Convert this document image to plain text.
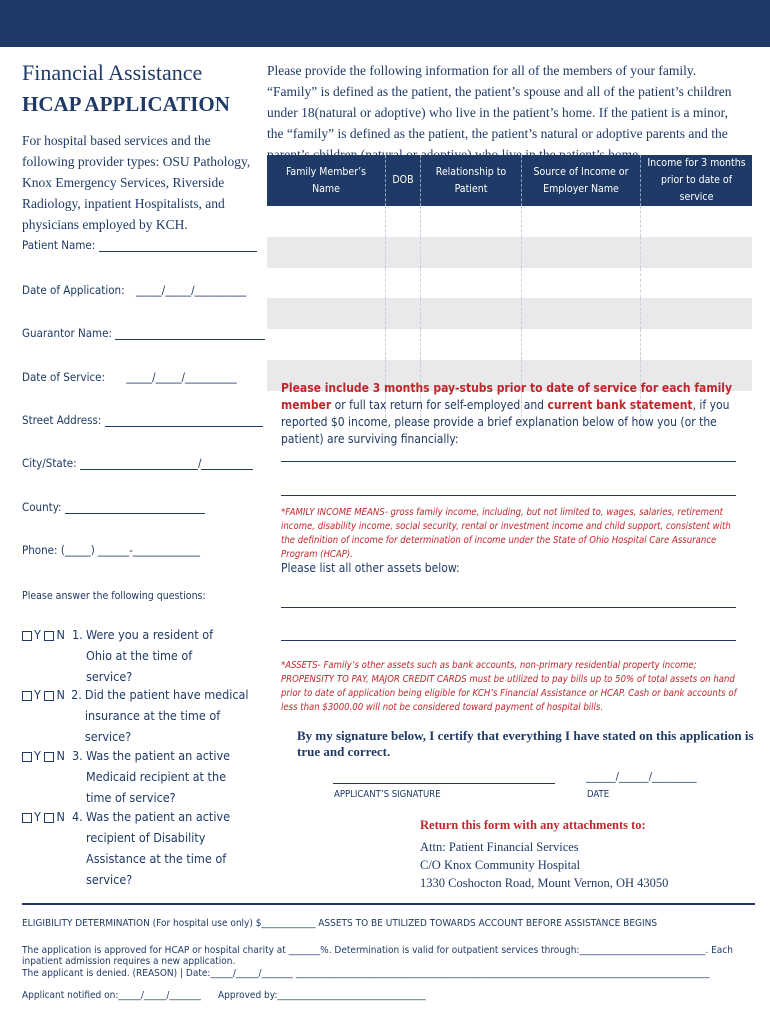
Financial Assistance
HCAP APPLICATION
For hospital based services and the following provider types: OSU Pathology, Knox Emergency Services, Riverside Radiology, inpatient Hospitalists, and physicians employed by KCH.
Patient Name:
Date of Application: _____/_____/__________
Guarantor Name:
Date of Service: _____/_____/__________
Street Address:
City/State:	/
County:
Phone: (_____) ______-_____________
Please answer the following questions:
Y N 1. Were you a resident of Ohio at the time of service?
Y N 2. Did the patient have medical insurance at the time of service?
Y N 3. Was the patient an active Medicaid recipient at the time of service?
Y N 4. Was the patient an active recipient of Disability Assistance at the time of service?
Please provide the following information for all of the members of your family. “Family” is defined as the patient, the patient’s spouse and all of the patient’s children under 18(natural or adoptive) who live in the patient’s home. If the patient is a minor, the “family” is defined as the patient, the patient’s natural or adoptive parents and the
Family Member’s Name	DOB	Relationship to Patient	Source of Income or Employer Name	Income for 3 months prior to date of service

Please include 3 months pay-stubs prior to date of service for each family member or full tax return for self-employed and current bank statement, if you reported $0 income, please provide a brief explanation below of how you (or the patient) are surviving financially:
*FAMILY INCOME MEANS- gross family income, including, but not limited to, wages, salaries, retirement income, disability income, social security, rental or investment income and child support, consistent with the definition of income for determination of income under the State of Ohio Hospital Care Assurance Program (HCAP).
Please list all other assets below:
*ASSETS- Family’s other assets such as bank accounts, non-primary residential property income; PROPENSITY TO PAY, MAJOR CREDIT CARDS must be utilized to pay bills up to 50% of total assets on hand prior to date of application being eligible for KCH’s Financial Assistance or HCAP. Cash or bank accounts of less than $3000.00 will not be considered toward payment of hospital bills.
By my signature below, I certify that everything I have stated on this application is true and correct.
APPLICANT’S SIGNATURE
______/______/_________
DATE
Return this form with any attachments to:
Attn: Patient Financial Services
C/O Knox Community Hospital
1330 Coshocton Road, Mount Vernon, OH 43050
ELIGIBILITY DETERMINATION (For hospital use only) $____________ ASSETS TO BE UTILIZED TOWARDS ACCOUNT BEFORE ASSISTANCE BEGINS
The application is approved for HCAP or hospital charity at _______%. Determination is valid for outpatient services through:____________________________. Each inpatient admission requires a new application.
The applicant is denied. (REASON) | Date:_____/_____/_______ ____________________________________________________________________________________________
Applicant notified on:_____/_____/_______      Approved by:_________________________________
